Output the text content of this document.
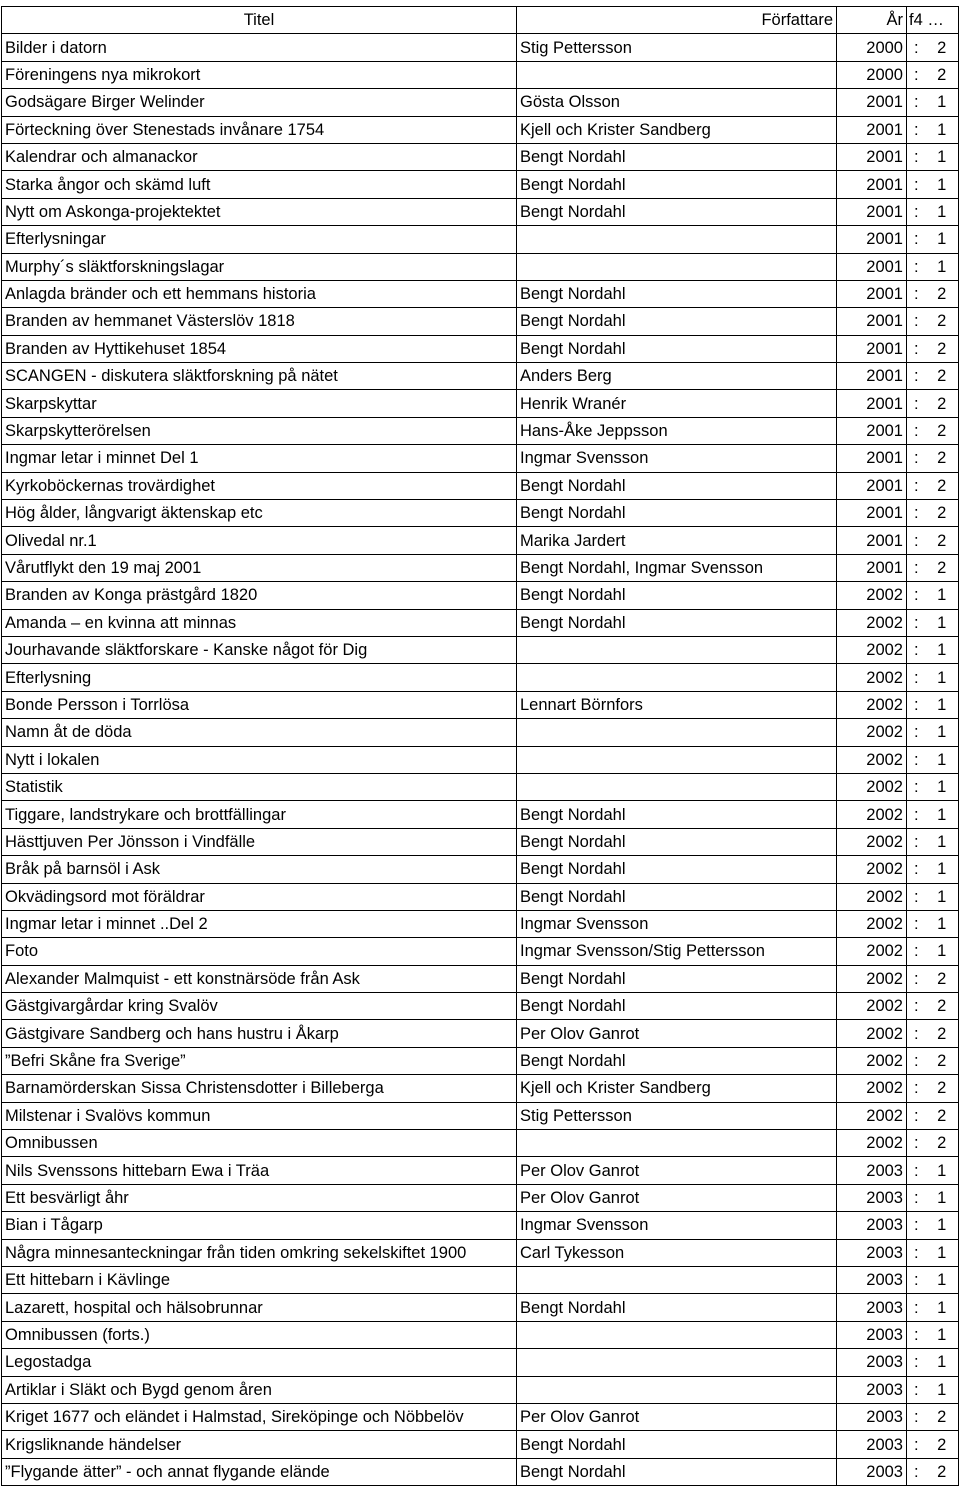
Titel	Författare	År	f4 …	
Bilder i datorn	Stig Pettersson	2000	:	2
Föreningens nya mikrokort		2000	:	2
Godsägare Birger Welinder	Gösta Olsson	2001	:	1
Förteckning över Stenestads invånare 1754	Kjell och Krister Sandberg	2001	:	1
Kalendrar och almanackor	Bengt Nordahl	2001	:	1
Starka ångor och skämd luft	Bengt Nordahl	2001	:	1
Nytt om Askonga-projektektet	Bengt Nordahl	2001	:	1
Efterlysningar		2001	:	1
Murphy´s släktforskningslagar		2001	:	1
Anlagda bränder och ett hemmans historia	Bengt Nordahl	2001	:	2
Branden av hemmanet Västerslöv 1818	Bengt Nordahl	2001	:	2
Branden av Hyttikehuset 1854	Bengt Nordahl	2001	:	2
SCANGEN - diskutera släktforskning på nätet	Anders Berg	2001	:	2
Skarpskyttar	Henrik Wranér	2001	:	2
Skarpskytterörelsen	Hans-Åke Jeppsson	2001	:	2
Ingmar letar i minnet Del 1	Ingmar Svensson	2001	:	2
Kyrkoböckernas trovärdighet	Bengt Nordahl	2001	:	2
Hög ålder, långvarigt äktenskap etc	Bengt Nordahl	2001	:	2
Olivedal nr.1	Marika Jardert	2001	:	2
Vårutflykt den 19 maj 2001	Bengt Nordahl, Ingmar Svensson	2001	:	2
Branden av Konga prästgård 1820	Bengt Nordahl	2002	:	1
Amanda – en kvinna att minnas	Bengt Nordahl	2002	:	1
Jourhavande släktforskare - Kanske något för Dig		2002	:	1
Efterlysning		2002	:	1
Bonde Persson i Torrlösa	Lennart Börnfors	2002	:	1
Namn åt de döda		2002	:	1
Nytt i lokalen		2002	:	1
Statistik		2002	:	1
Tiggare, landstrykare och brottfällingar	Bengt Nordahl	2002	:	1
Hästtjuven Per Jönsson i Vindfälle	Bengt Nordahl	2002	:	1
Bråk på barnsöl i Ask	Bengt Nordahl	2002	:	1
Okvädingsord mot föräldrar	Bengt Nordahl	2002	:	1
Ingmar letar i minnet ..Del 2	Ingmar Svensson	2002	:	1
Foto	Ingmar Svensson/Stig Pettersson	2002	:	1
Alexander Malmquist - ett konstnärsöde från Ask	Bengt Nordahl	2002	:	2
Gästgivargårdar kring Svalöv	Bengt Nordahl	2002	:	2
Gästgivare Sandberg och hans hustru i Åkarp	Per Olov Ganrot	2002	:	2
”Befri Skåne fra Sverige”	Bengt Nordahl	2002	:	2
Barnamörderskan Sissa Christensdotter i Billeberga	Kjell och Krister Sandberg	2002	:	2
Milstenar i Svalövs kommun	Stig Pettersson	2002	:	2
Omnibussen		2002	:	2
Nils Svenssons hittebarn Ewa i Träa	Per Olov Ganrot	2003	:	1
Ett besvärligt åhr	Per Olov Ganrot	2003	:	1
Bian i Tågarp	Ingmar Svensson	2003	:	1
Några minnesanteckningar från tiden omkring sekelskiftet 1900	Carl Tykesson	2003	:	1
Ett hittebarn i Kävlinge		2003	:	1
Lazarett, hospital och hälsobrunnar	Bengt Nordahl	2003	:	1
Omnibussen (forts.)		2003	:	1
Legostadga		2003	:	1
Artiklar i Släkt och Bygd genom åren		2003	:	1
Kriget 1677 och eländet i Halmstad, Sireköpinge och Nöbbelöv	Per Olov Ganrot	2003	:	2
Krigsliknande händelser	Bengt Nordahl	2003	:	2
”Flygande ätter” - och annat flygande elände	Bengt Nordahl	2003	:	2
